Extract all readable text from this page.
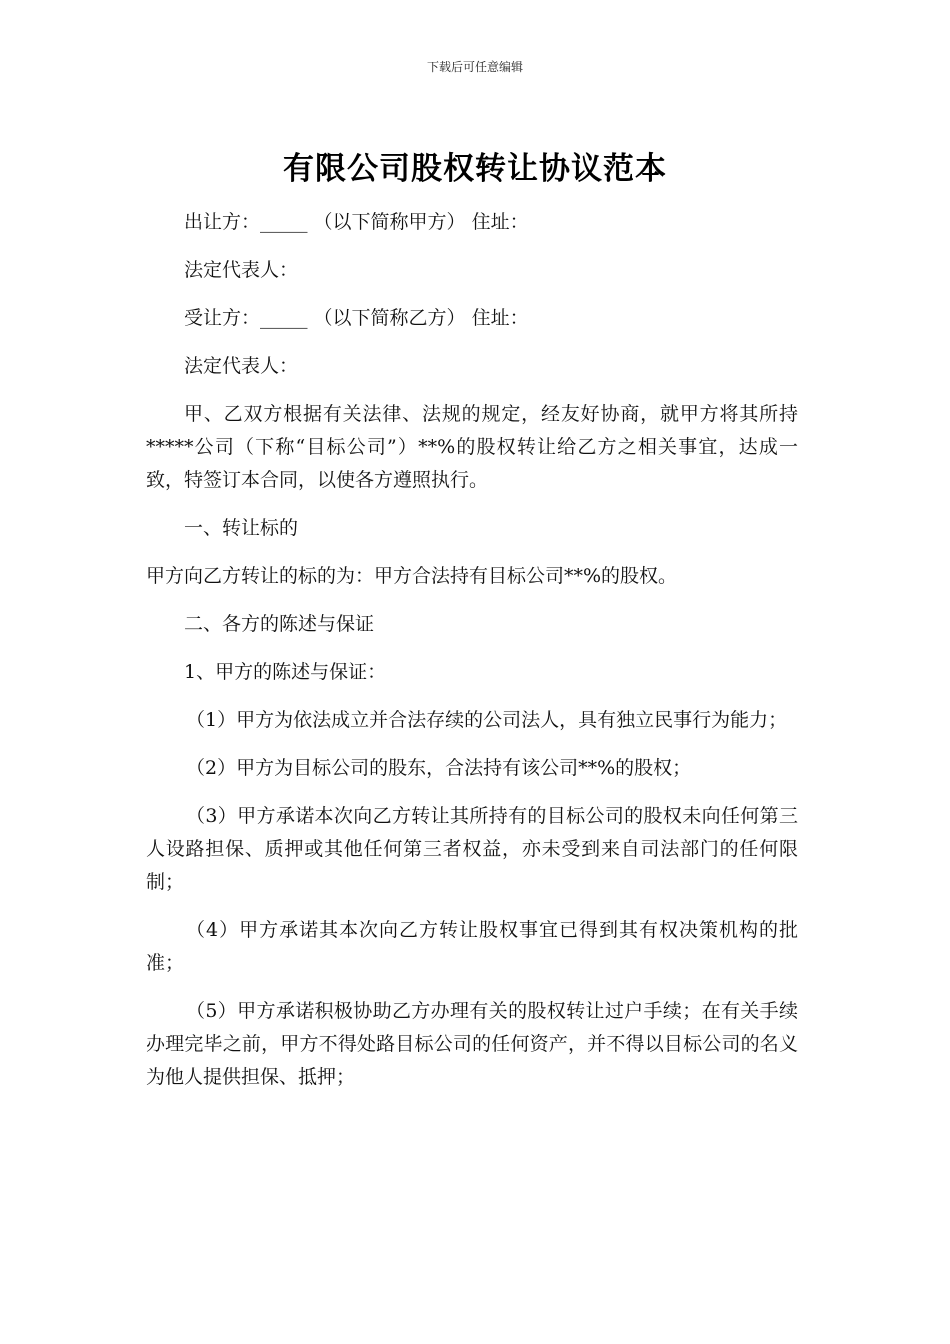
下载后可任意编辑
有限公司股权转让协议范本

出让方：_____ （以下简称甲方） 住址：

法定代表人：

受让方：_____ （以下简称乙方） 住址：

法定代表人：

甲、乙双方根据有关法律、法规的规定，经友好协商，就甲方将其所持*****公司（下称“目标公司”）**%的股权转让给乙方之相关事宜，达成一致，特签订本合同，以使各方遵照执行。

一、转让标的

甲方向乙方转让的标的为：甲方合法持有目标公司**%的股权。

二、各方的陈述与保证

1、甲方的陈述与保证：

（1）甲方为依法成立并合法存续的公司法人，具有独立民事行为能力；

（2）甲方为目标公司的股东，合法持有该公司**%的股权；

（3）甲方承诺本次向乙方转让其所持有的目标公司的股权未向任何第三人设路担保、质押或其他任何第三者权益，亦未受到来自司法部门的任何限制；

（4）甲方承诺其本次向乙方转让股权事宜已得到其有权决策机构的批准；

（5）甲方承诺积极协助乙方办理有关的股权转让过户手续；在有关手续办理完毕之前，甲方不得处路目标公司的任何资产，并不得以目标公司的名义为他人提供担保、抵押；
